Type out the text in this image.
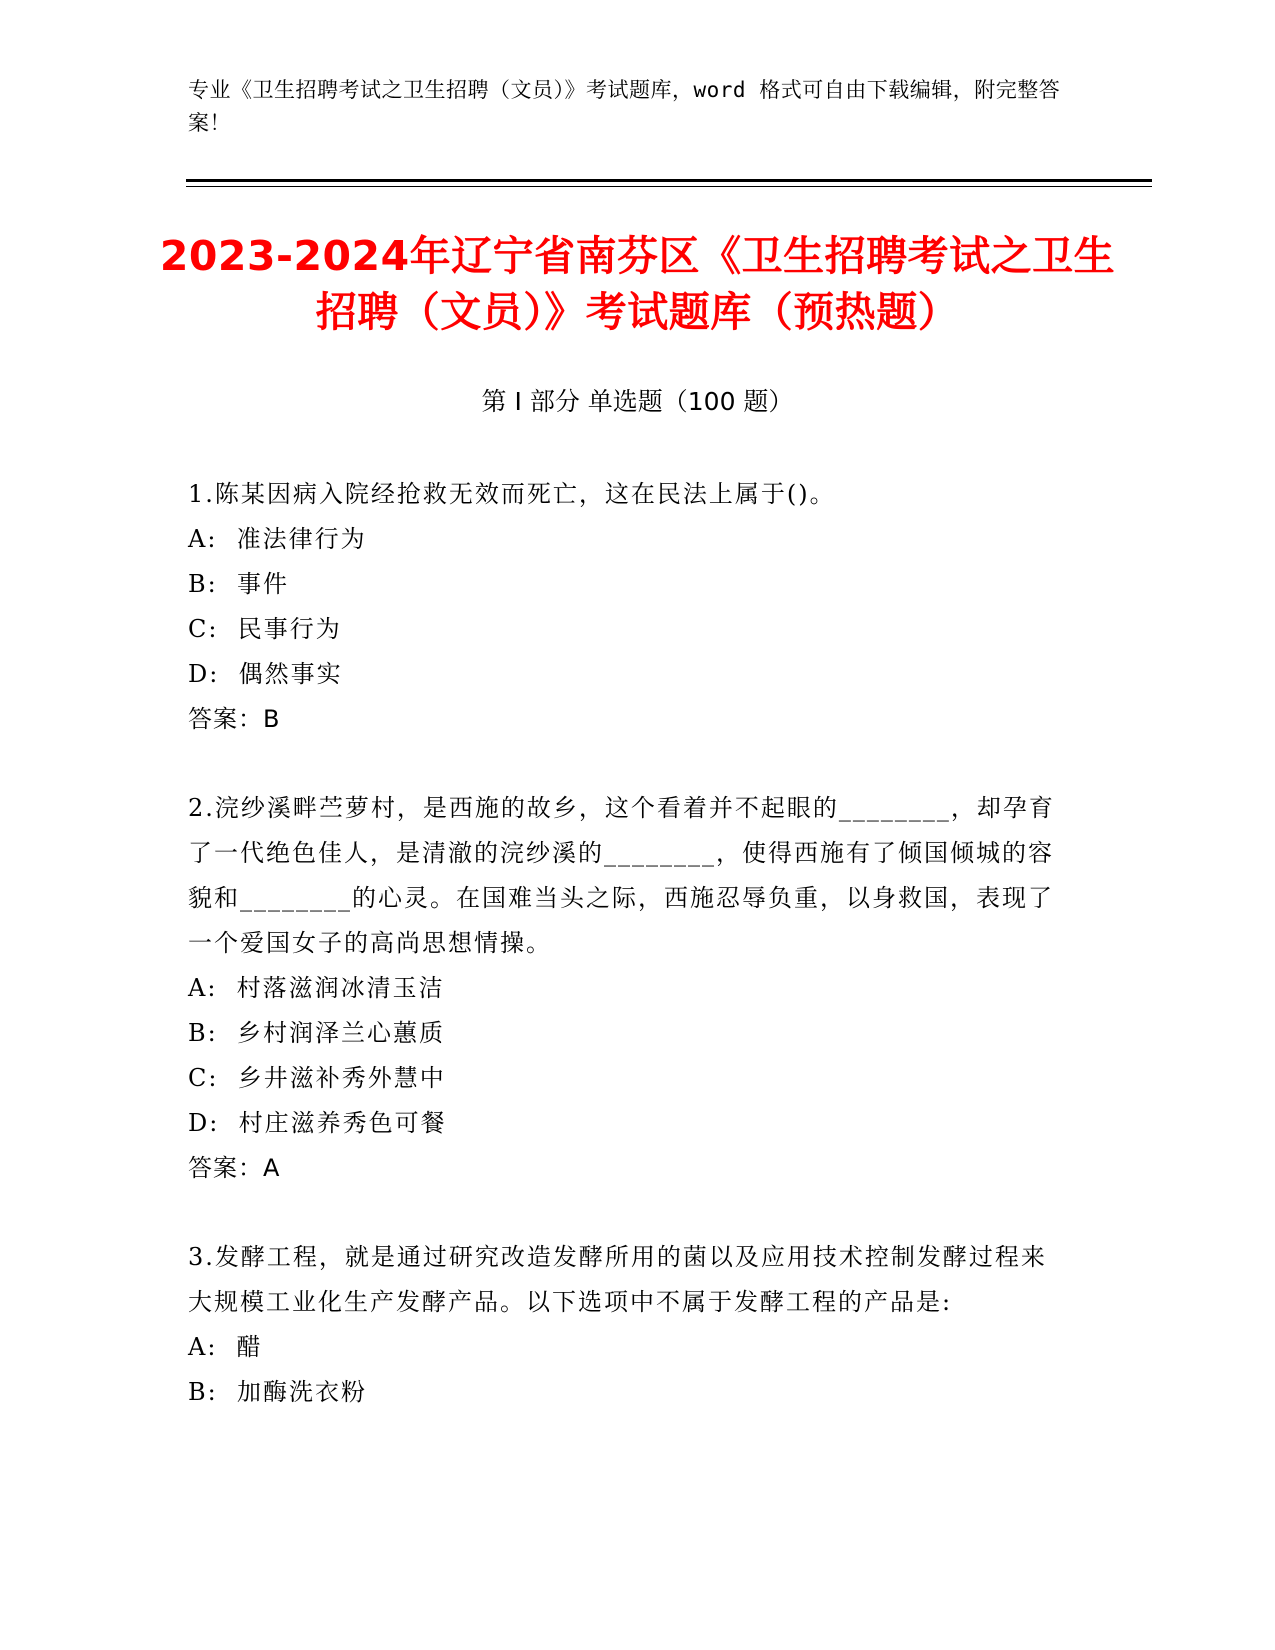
专业《卫生招聘考试之卫生招聘（文员）》考试题库，word 格式可自由下载编辑，附完整答案！
2023-2024年辽宁省南芬区《卫生招聘考试之卫生招聘（文员）》考试题库（预热题）
第 I 部分 单选题（100 题）
1.陈某因病入院经抢救无效而死亡，这在民法上属于()。
A:  准法律行为
B:  事件
C:  民事行为
D:  偶然事实
答案：B
2.浣纱溪畔苎萝村，是西施的故乡，这个看着并不起眼的________，却孕育了一代绝色佳人，是清澈的浣纱溪的________，使得西施有了倾国倾城的容貌和________的心灵。在国难当头之际，西施忍辱负重，以身救国，表现了一个爱国女子的高尚思想情操。
A:  村落滋润冰清玉洁
B:  乡村润泽兰心蕙质
C:  乡井滋补秀外慧中
D:  村庄滋养秀色可餐
答案：A
3.发酵工程，就是通过研究改造发酵所用的菌以及应用技术控制发酵过程来大规模工业化生产发酵产品。以下选项中不属于发酵工程的产品是:
A:  醋
B:  加酶洗衣粉
